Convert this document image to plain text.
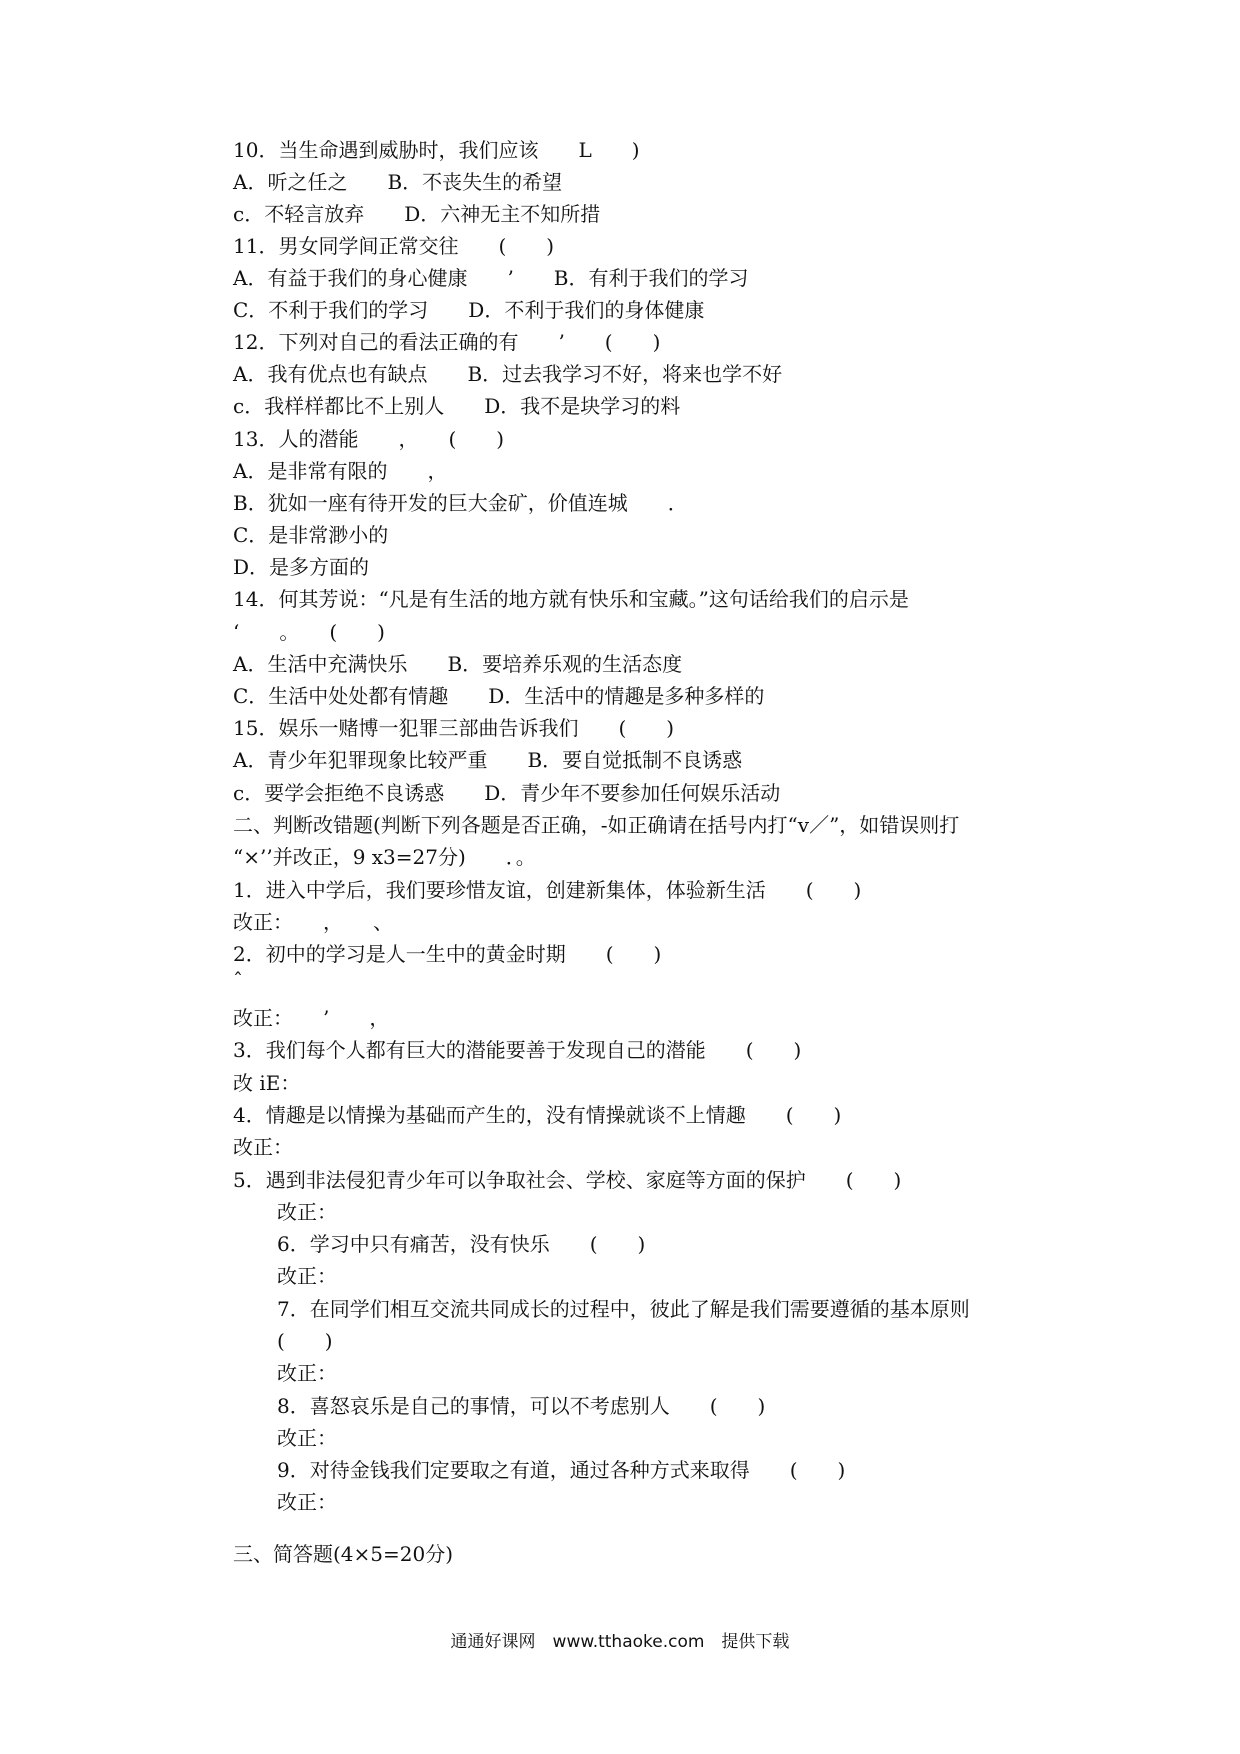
10．当生命遇到威胁时，我们应该　　L　　)
A．听之任之　　B．不丧失生的希望
c．不轻言放弃　　D．六神无主不知所措
11．男女同学间正常交往　　(　　)
A．有益于我们的身心健康　　’　　B．有利于我们的学习
C．不利于我们的学习　　D．不利于我们的身体健康
12．下列对自己的看法正确的有　　’　　(　　)
A．我有优点也有缺点　　B．过去我学习不好，将来也学不好
c．我样样都比不上别人　　D．我不是块学习的料
13．人的潜能　　，　　(　　)
A．是非常有限的　　，
B．犹如一座有待开发的巨大金矿，价值连城　　．
C．是非常渺小的
D．是多方面的
14．何其芳说：“凡是有生活的地方就有快乐和宝藏。”这句话给我们的启示是
‘　　。　　(　　)
A．生活中充满快乐　　B．要培养乐观的生活态度
C．生活中处处都有情趣　　D．生活中的情趣是多种多样的
15．娱乐一赌博一犯罪三部曲告诉我们　　(　　)
A．青少年犯罪现象比较严重　　B．要自觉抵制不良诱惑
c．要学会拒绝不良诱惑　　D．青少年不要参加任何娱乐活动
二、判断改错题(判断下列各题是否正确，-如正确请在括号内打“v／”，如错误则打
“×’’并改正，9 x3=27分)　　．。
1．进入中学后，我们要珍惜友谊，创建新集体，体验新生活　　(　　)
改正：　　，　　、
2．初中的学习是人一生中的黄金时期　　(　　)
ˆ
改正：　　’　　，
3．我们每个人都有巨大的潜能要善于发现自己的潜能　　(　　)
改 iE：
4．情趣是以情操为基础而产生的，没有情操就谈不上情趣　　(　　)
改正：
5．遇到非法侵犯青少年可以争取社会、学校、家庭等方面的保护　　(　　)
改正：
6．学习中只有痛苦，没有快乐　　(　　)
改正：
7．在同学们相互交流共同成长的过程中，彼此了解是我们需要遵循的基本原则
(　　)
改正：
8．喜怒哀乐是自己的事情，可以不考虑别人　　(　　)
改正：
9．对待金钱我们定要取之有道，通过各种方式来取得　　(　　)
改正：
三、简答题(4×5=20分)
通通好课网　www.tthaoke.com　提供下载
